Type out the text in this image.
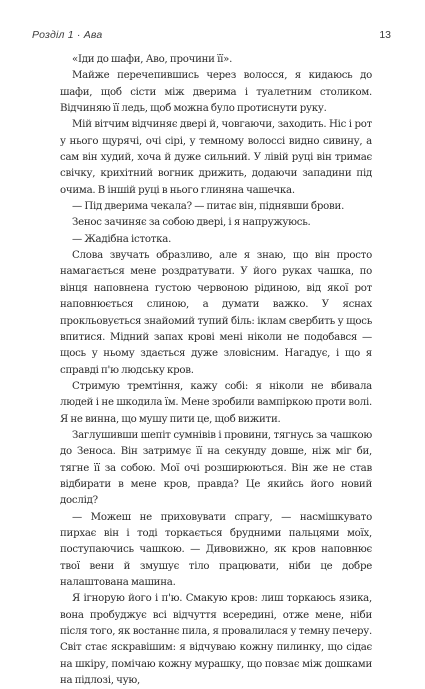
Розділ 1 · Ава	13

«Іди до шафи, Аво, прочини її».

Майже перечепившись через волосся, я кидаюсь до шафи, щоб сісти між дверима і туалетним столиком. Відчиняю її ледь, щоб можна було протиснути руку.

Мій вітчим відчиняє двері й, човгаючи, заходить. Ніс і рот у нього щурячі, очі сірі, у темному волоссі видно сивину, а сам він худий, хоча й дуже сильний. У лівій руці він тримає свічку, крихітний вогник дрижить, додаючи западини під очима. В іншій руці в нього глиняна чашечка.

— Під дверима чекала? — питає він, піднявши брови.

Зенос зачиняє за собою двері, і я напружуюсь.

— Жадібна істотка.

Слова звучать образливо, але я знаю, що він просто намагається мене роздратувати. У його руках чашка, по вінця наповнена густою червоною рідиною, від якої рот наповнюється слиною, а думати важко. У яснах прокльовується знайомий тупий біль: іклам свербить у щось впитися. Мідний запах крові мені ніколи не подобався — щось у ньому здається дуже зловісним. Нагадує, і що я справді п'ю людську кров.

Стримую тремтіння, кажу собі: я ніколи не вбивала людей і не шкодила їм. Мене зробили вампіркою проти волі. Я не винна, що мушу пити це, щоб вижити.

Заглушивши шепіт сумнівів і провини, тягнусь за чашкою до Зеноса. Він затримує її на секунду довше, ніж міг би, тягне її за собою. Мої очі розширюються. Він же не став відбирати в мене кров, правда? Це якийсь його новий дослід?

— Можеш не приховувати спрагу, — насмішкувато пирхає він і тоді торкається брудними пальцями моїх, поступаючись чашкою. — Дивовижно, як кров наповнює твої вени й змушує тіло працювати, ніби це добре налаштована машина.

Я ігнорую його і п'ю. Смакую кров: лиш торкаюсь язика, вона пробуджує всі відчуття всередині, отже мене, ніби після того, як востаннє пила, я провалилася у темну печеру. Світ стає яскравішим: я відчуваю кожну пилинку, що сідає на шкіру, помічаю кожну мурашку, що повзає між дошками на підлозі, чую,
